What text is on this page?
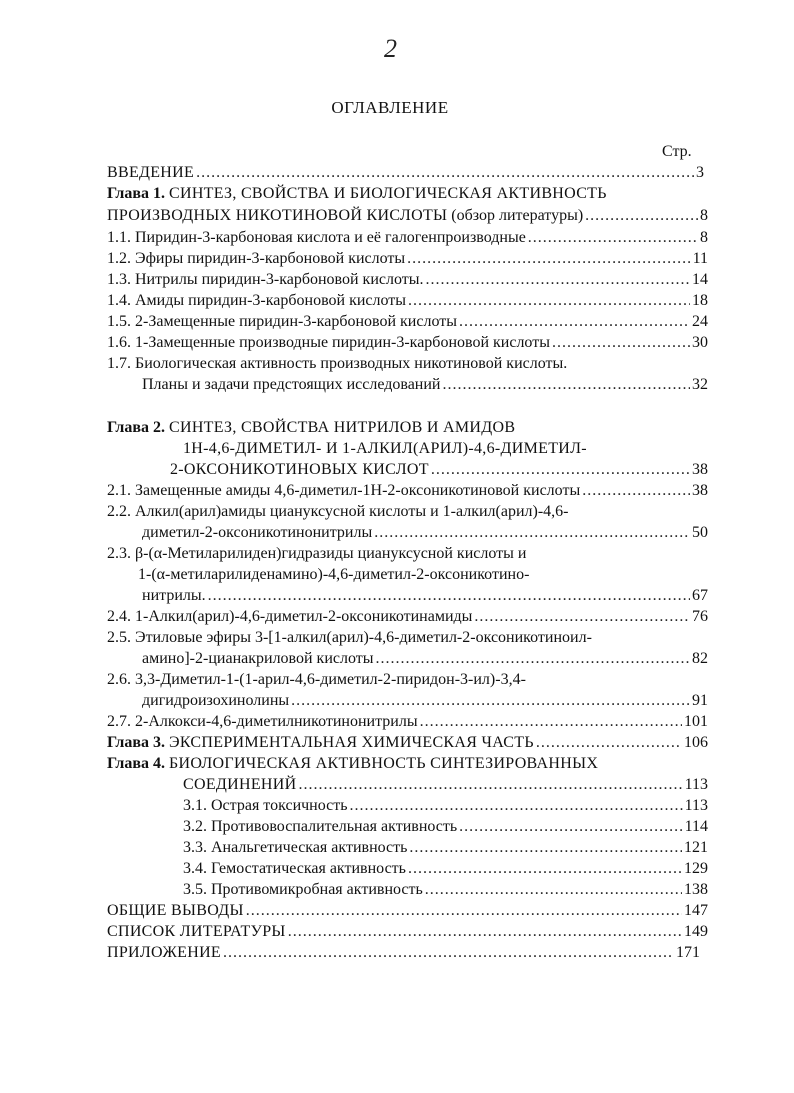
2
ОГЛАВЛЕНИЕ
Стр.
ВВЕДЕНИЕ .....	3
Глава 1. СИНТЕЗ, СВОЙСТВА И БИОЛОГИЧЕСКАЯ АКТИВНОСТЬ
ПРОИЗВОДНЫХ НИКОТИНОВОЙ КИСЛОТЫ
(обзор литературы) .....	8
1.1. Пиридин-3-карбоновая кислота и её галогенпроизводные .....	8
1.2. Эфиры пиридин-3-карбоновой кислоты .....	11
1.3. Нитрилы пиридин-3-карбоновой кислоты. .....	14
1.4. Амиды пиридин-3-карбоновой кислоты .....	18
1.5. 2-Замещенные пиридин-3-карбоновой кислоты .....	24
1.6. 1-Замещенные производные пиридин-3-карбоновой кислоты .....	30
1.7. Биологическая активность производных никотиновой кислоты.
Планы и задачи предстоящих исследований .....	32
Глава 2. СИНТЕЗ, СВОЙСТВА НИТРИЛОВ И АМИДОВ
1Н-4,6-ДИМЕТИЛ- И 1-АЛКИЛ(АРИЛ)-4,6-ДИМЕТИЛ-
2-ОКСОНИКОТИНОВЫХ КИСЛОТ .....	38
2.1. Замещенные амиды 4,6-диметил-1Н-2-оксоникотиновой кислоты .....	38
2.2. Алкил(арил)амиды циануксусной кислоты и 1-алкил(арил)-4,6-
диметил-2-оксоникотинонитрилы .....	50
2.3. β-(α-Метиларилиден)гидразиды циануксусной кислоты и
1-(α-метиларилиденамино)-4,6-диметил-2-оксоникотино-
нитрилы. .....	67
2.4. 1-Алкил(арил)-4,6-диметил-2-оксоникотинамиды .....	76
2.5. Этиловые эфиры 3-[1-алкил(арил)-4,6-диметил-2-оксоникотиноил-
амино]-2-цианакриловой кислоты .....	82
2.6. 3,3-Диметил-1-(1-арил-4,6-диметил-2-пиридон-3-ил)-3,4-
дигидроизохинолины .....	91
2.7. 2-Алкокси-4,6-диметилникотинонитрилы .....	101
Глава 3.
ЭКСПЕРИМЕНТАЛЬНАЯ ХИМИЧЕСКАЯ ЧАСТЬ .....	106
Глава 4. БИОЛОГИЧЕСКАЯ АКТИВНОСТЬ СИНТЕЗИРОВАННЫХ
СОЕДИНЕНИЙ .....	113
3.1. Острая токсичность .....	113
3.2. Противовоспалительная активность .....	114
3.3. Анальгетическая активность .....	121
3.4. Гемостатическая активность .....	129
3.5. Противомикробная активность .....	138
ОБЩИЕ ВЫВОДЫ .....	147
СПИСОК ЛИТЕРАТУРЫ .....	149
ПРИЛОЖЕНИЕ .....	171
